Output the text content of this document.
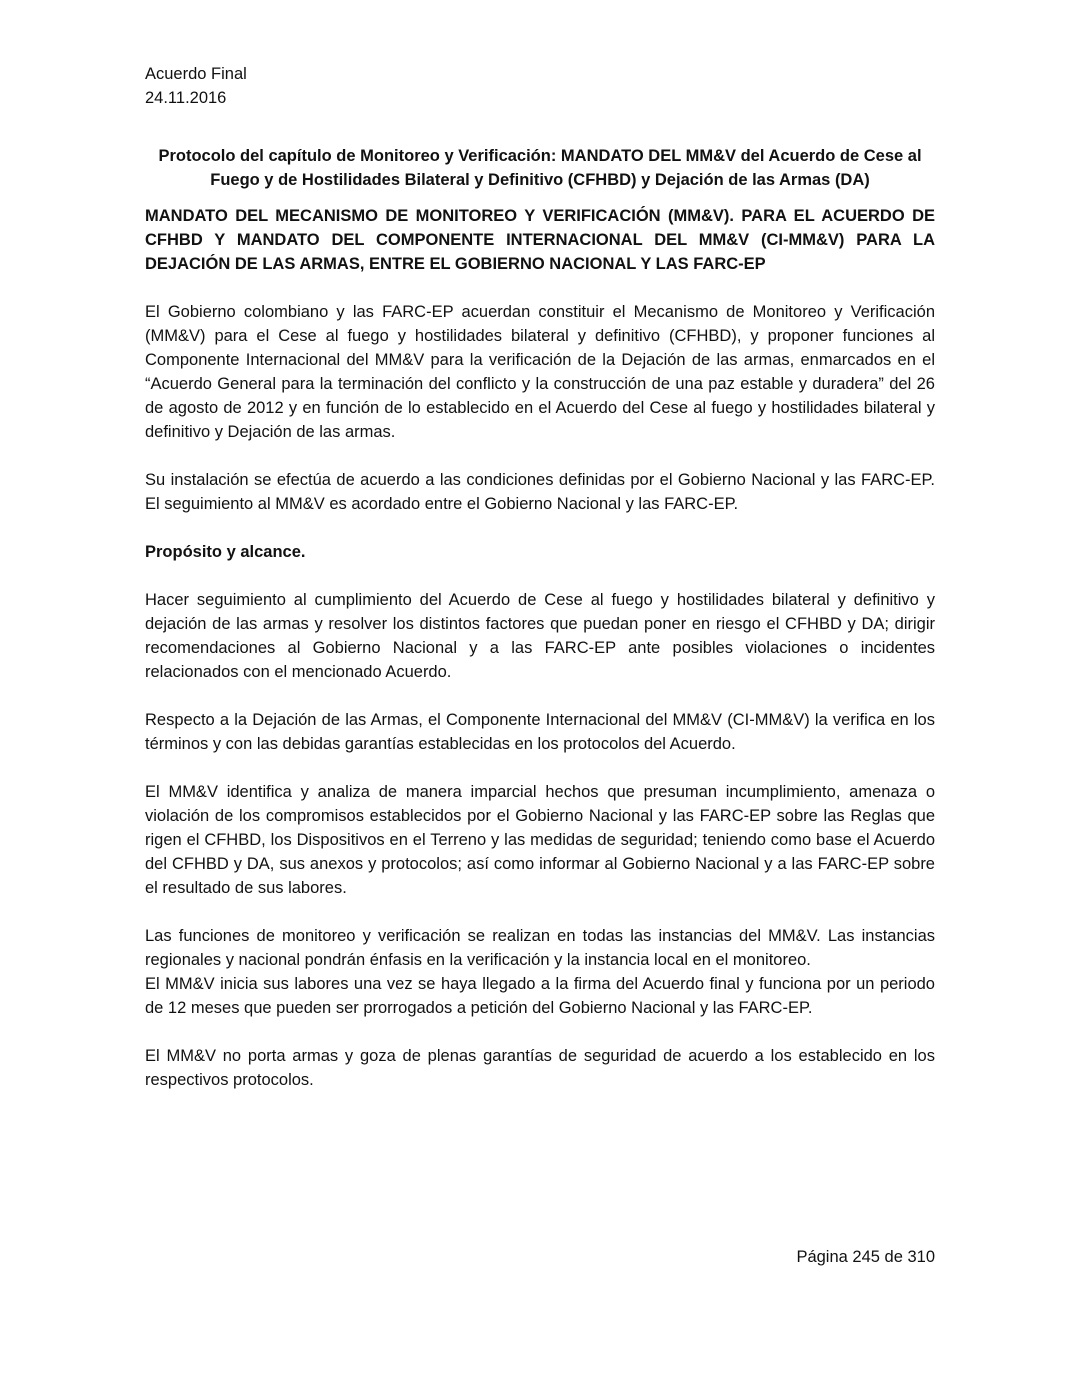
Acuerdo Final

24.11.2016

Protocolo del capítulo de Monitoreo y Verificación: MANDATO DEL MM&V del Acuerdo de Cese al Fuego y de Hostilidades Bilateral y Definitivo (CFHBD) y Dejación de las Armas (DA)

MANDATO DEL MECANISMO DE MONITOREO Y VERIFICACIÓN (MM&V). PARA EL ACUERDO DE CFHBD Y MANDATO DEL COMPONENTE INTERNACIONAL DEL MM&V (CI-MM&V) PARA LA DEJACIÓN DE LAS ARMAS, ENTRE EL GOBIERNO NACIONAL Y LAS FARC-EP

El Gobierno colombiano y las FARC-EP acuerdan constituir el Mecanismo de Monitoreo y Verificación (MM&V) para el Cese al fuego y hostilidades bilateral y definitivo (CFHBD), y proponer funciones al Componente Internacional del MM&V para la verificación de la Dejación de las armas, enmarcados en el “Acuerdo General para la terminación del conflicto y la construcción de una paz estable y duradera” del 26 de agosto de 2012 y en función de lo establecido en el Acuerdo del Cese al fuego y hostilidades bilateral y definitivo y Dejación de las armas.

Su instalación se efectúa de acuerdo a las condiciones definidas por el Gobierno Nacional y las FARC-EP. El seguimiento al MM&V es acordado entre el Gobierno Nacional y las FARC-EP.

Propósito y alcance.

Hacer seguimiento al cumplimiento del Acuerdo de Cese al fuego y hostilidades bilateral y definitivo y dejación de las armas y resolver los distintos factores que puedan poner en riesgo el CFHBD y DA; dirigir recomendaciones al Gobierno Nacional y a las FARC-EP ante posibles violaciones o incidentes relacionados con el mencionado Acuerdo.

Respecto a la Dejación de las Armas, el Componente Internacional del MM&V (CI-MM&V) la verifica en los términos y con las debidas garantías establecidas en los protocolos del Acuerdo.

El MM&V identifica y analiza de manera imparcial hechos que presuman incumplimiento, amenaza o violación de los compromisos establecidos por el Gobierno Nacional y las FARC-EP sobre las Reglas que rigen el CFHBD, los Dispositivos en el Terreno y las medidas de seguridad; teniendo como base el Acuerdo del CFHBD y DA, sus anexos y protocolos; así como informar al Gobierno Nacional y a las FARC-EP sobre el resultado de sus labores.

Las funciones de monitoreo y verificación se realizan en todas las instancias del MM&V. Las instancias regionales y nacional pondrán énfasis en la verificación y la instancia local en el monitoreo.

El MM&V inicia sus labores una vez se haya llegado a la firma del Acuerdo final y funciona por un periodo de 12 meses que pueden ser prorrogados a petición del Gobierno Nacional y las FARC-EP.

El MM&V no porta armas y goza de plenas garantías de seguridad de acuerdo a los establecido en los respectivos protocolos.

Página 245 de 310
